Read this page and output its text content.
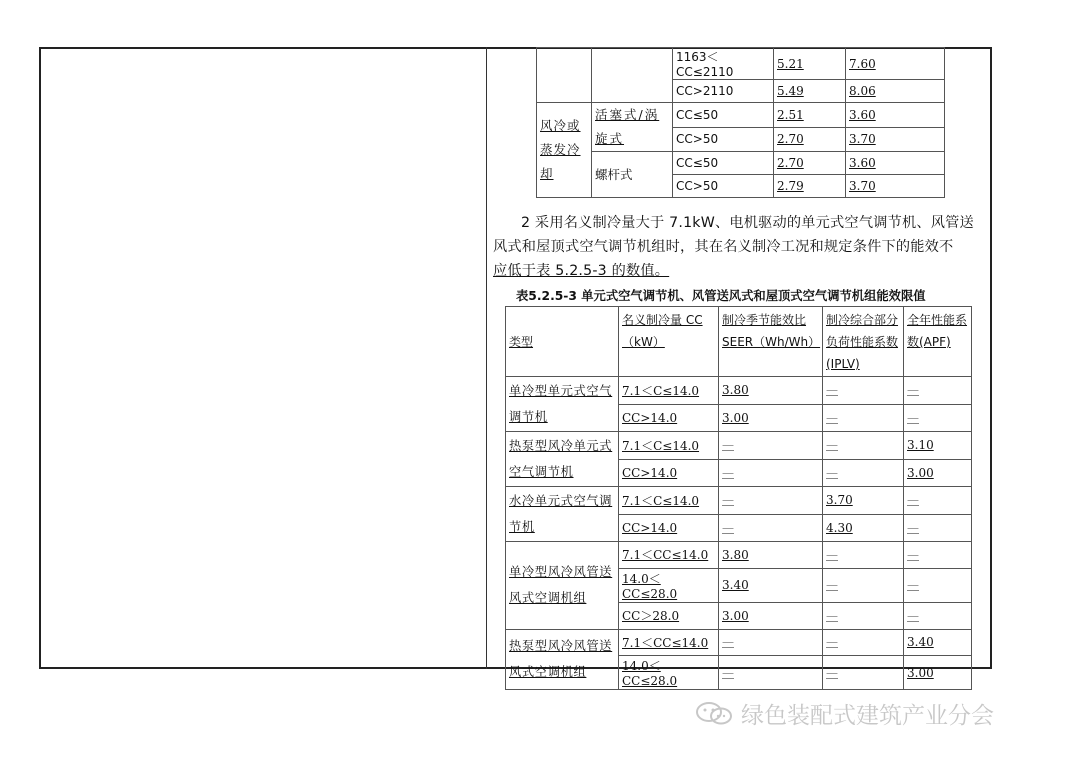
		1163＜CC≤2110	5.21	7.60
		CC>2110	5.49	8.06

风冷或蒸发冷却	活塞式/涡旋式	CC≤50	2.51	3.60
		CC>50	2.70	3.70
	螺杆式	CC≤50	2.70	3.60
		CC>50	2.79	3.70
2 采用名义制冷量大于 7.1kW、电机驱动的单元式空气调节机、风管送
风式和屋顶式空气调节机组时，其在名义制冷工况和规定条件下的能效不
应低于表 5.2.5-3 的数值。
表5.2.5-3 单元式空气调节机、风管送风式和屋顶式空气调节机组能效限值
类型	名义制冷量 CC（kW）	制冷季节能效比 SEER（Wh/Wh）	制冷综合部分负荷性能系数(IPLV)	全年性能系数(APF)
单冷型单元式空气调节机	7.1＜C≤14.0	3.80	—	—
	CC>14.0	3.00	—	—
热泵型风冷单元式空气调节机	7.1＜C≤14.0	—	—	3.10
	CC>14.0	—	—	3.00
水冷单元式空气调节机	7.1＜C≤14.0	—	3.70	—
	CC>14.0	—	4.30	—
单冷型风冷风管送风式空调机组	7.1＜CC≤14.0	3.80	—	—
	14.0＜CC≤28.0	3.40	—	—
	CC＞28.0	3.00	—	—
热泵型风冷风管送风式空调机组	7.1＜CC≤14.0	—	—	3.40
	14.0＜CC≤28.0	—	—	3.00
绿色装配式建筑产业分会
